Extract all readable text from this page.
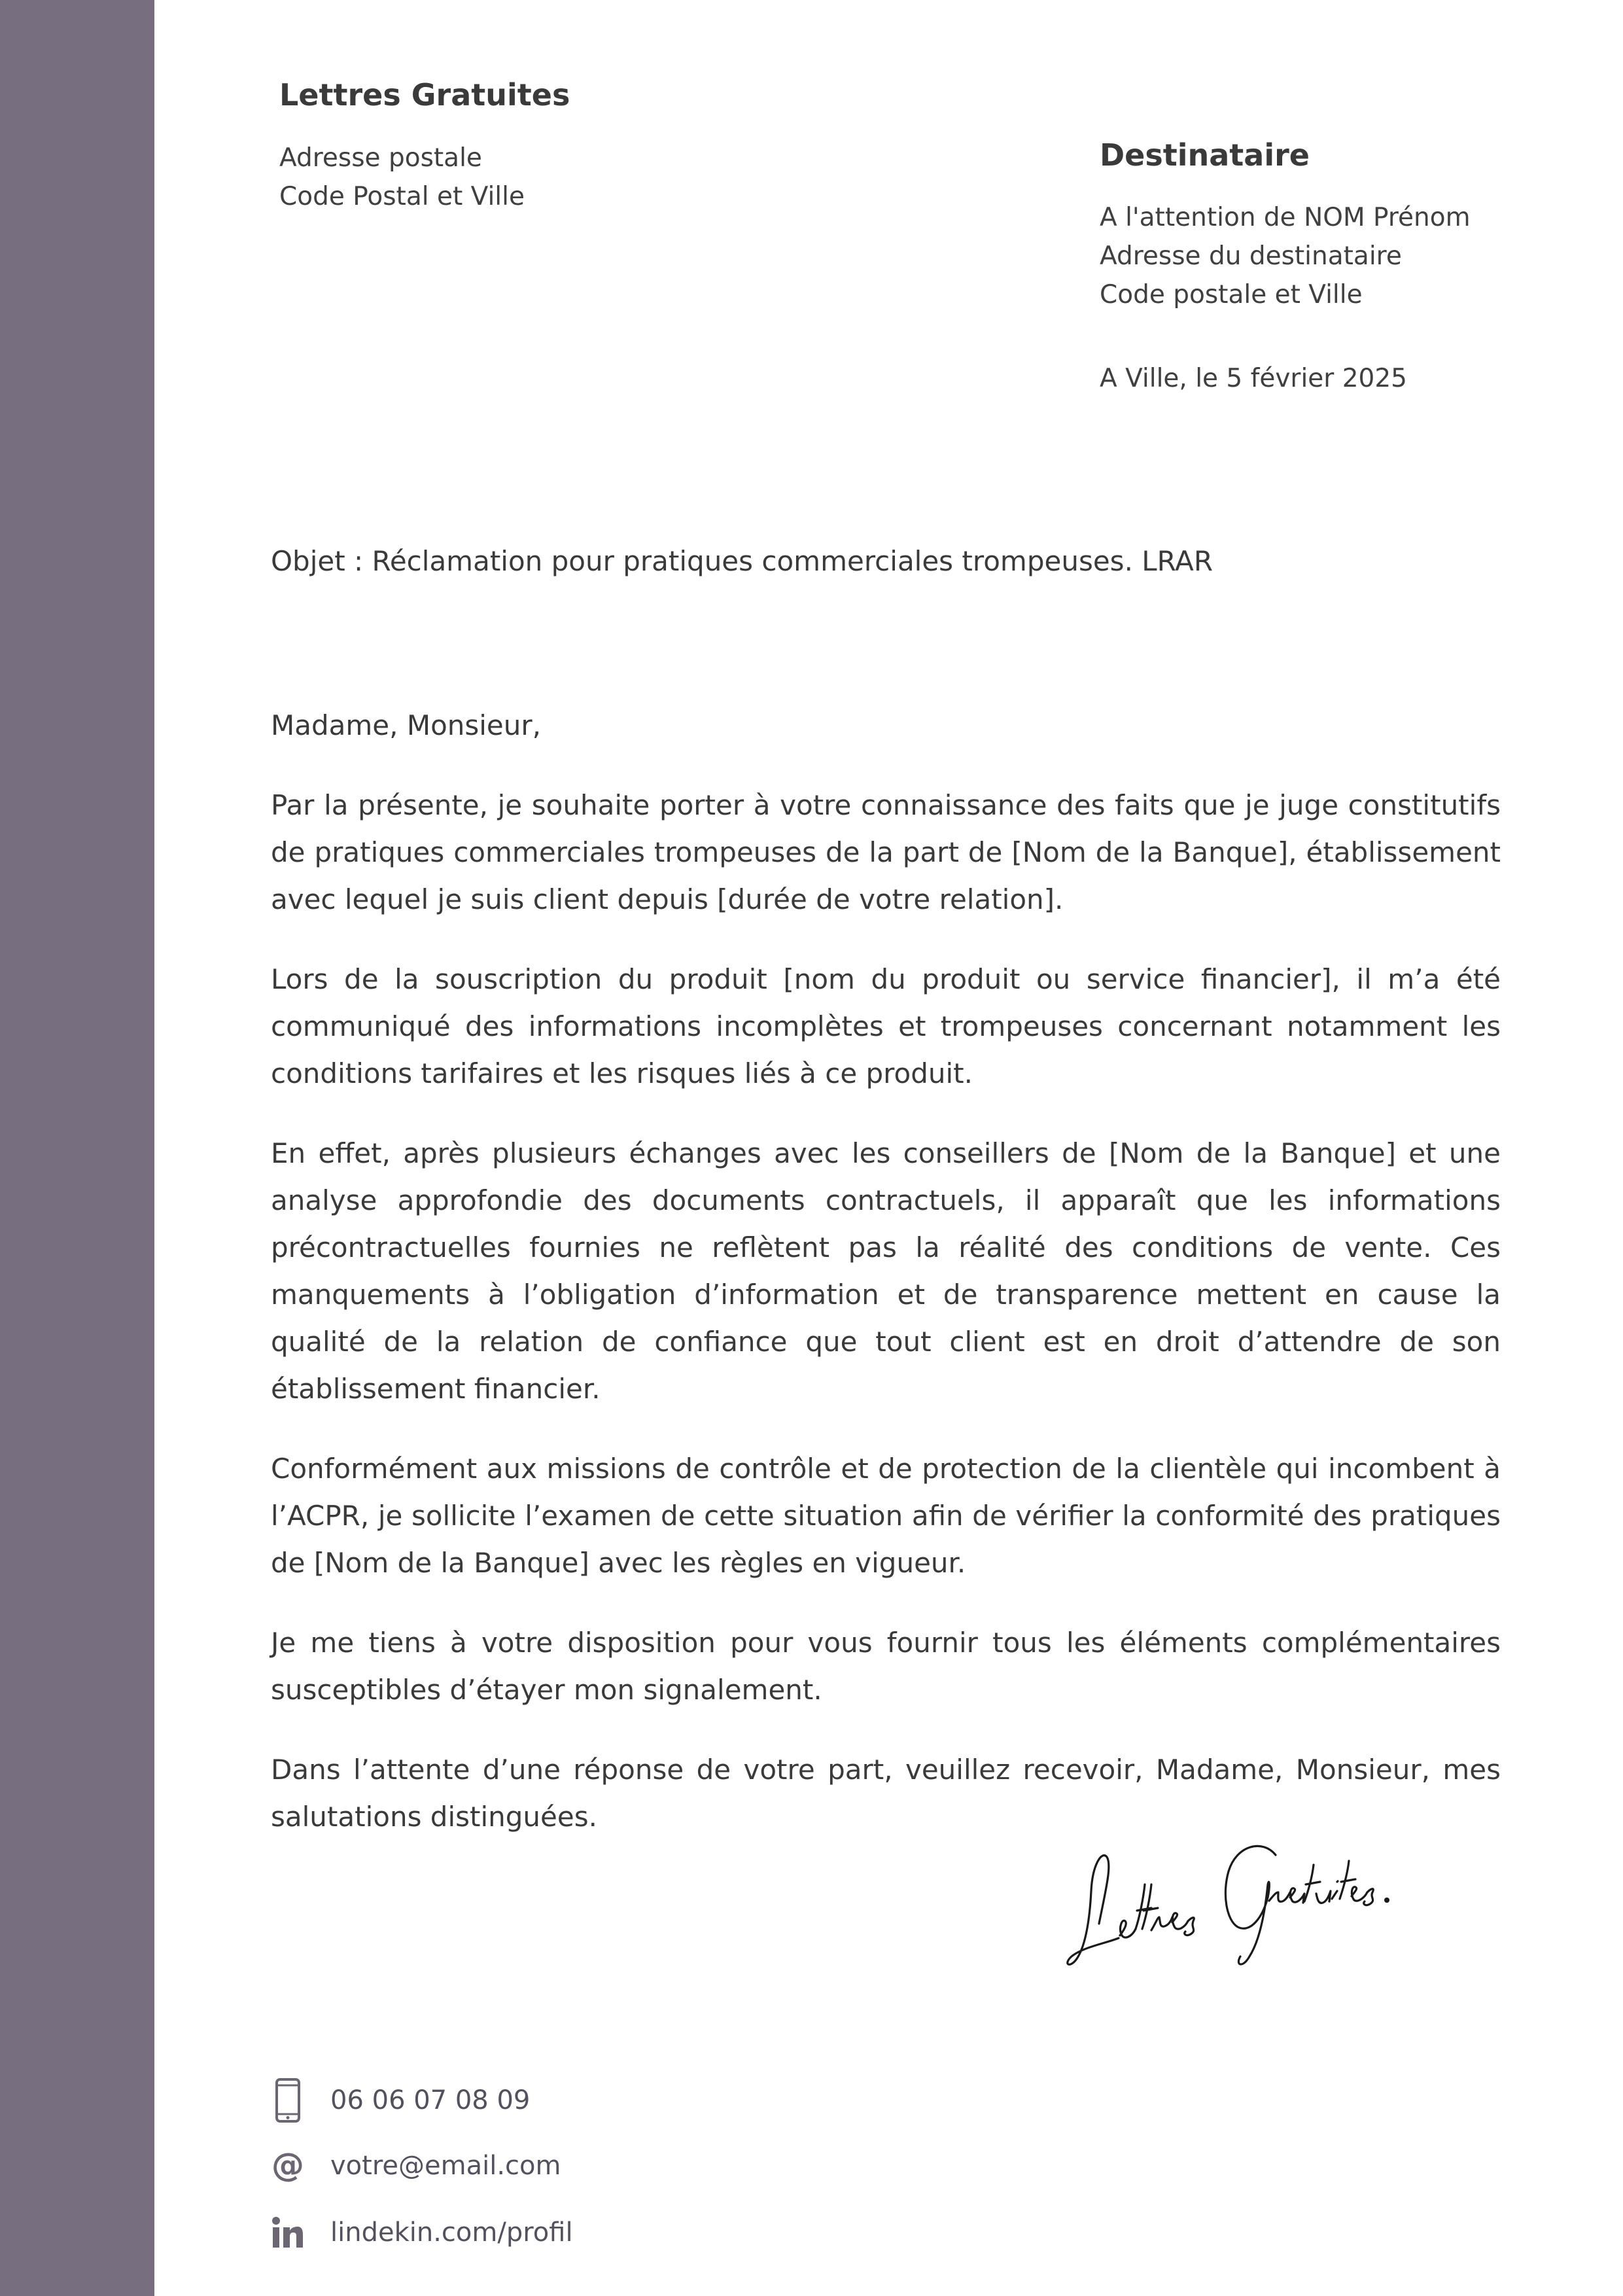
Lettres Gratuites
Adresse postale
Code Postal et Ville
Destinataire
A l'attention de NOM Prénom
Adresse du destinataire
Code postale et Ville
A Ville, le 5 février 2025
Objet : Réclamation pour pratiques commerciales trompeuses. LRAR

Madame, Monsieur,

Par la présente, je souhaite porter à votre connaissance des faits que je juge constitutifs de pratiques commerciales trompeuses de la part de [Nom de la Banque], établissement avec lequel je suis client depuis [durée de votre relation].

Lors de la souscription du produit [nom du produit ou service financier], il m’a été communiqué des informations incomplètes et trompeuses concernant notamment les conditions tarifaires et les risques liés à ce produit.

En effet, après plusieurs échanges avec les conseillers de [Nom de la Banque] et une analyse approfondie des documents contractuels, il apparaît que les informations précontractuelles fournies ne reflètent pas la réalité des conditions de vente. Ces manquements à l’obligation d’information et de transparence mettent en cause la qualité de la relation de confiance que tout client est en droit d’attendre de son établissement financier.

Conformément aux missions de contrôle et de protection de la clientèle qui incombent à l’ACPR, je sollicite l’examen de cette situation afin de vérifier la conformité des pratiques de [Nom de la Banque] avec les règles en vigueur.

Je me tiens à votre disposition pour vous fournir tous les éléments complémentaires susceptibles d’étayer mon signalement.

Dans l’attente d’une réponse de votre part, veuillez recevoir, Madame, Monsieur, mes salutations distinguées.

06 06 07 08 09
@ votre@email.com
lindekin.com/profil
